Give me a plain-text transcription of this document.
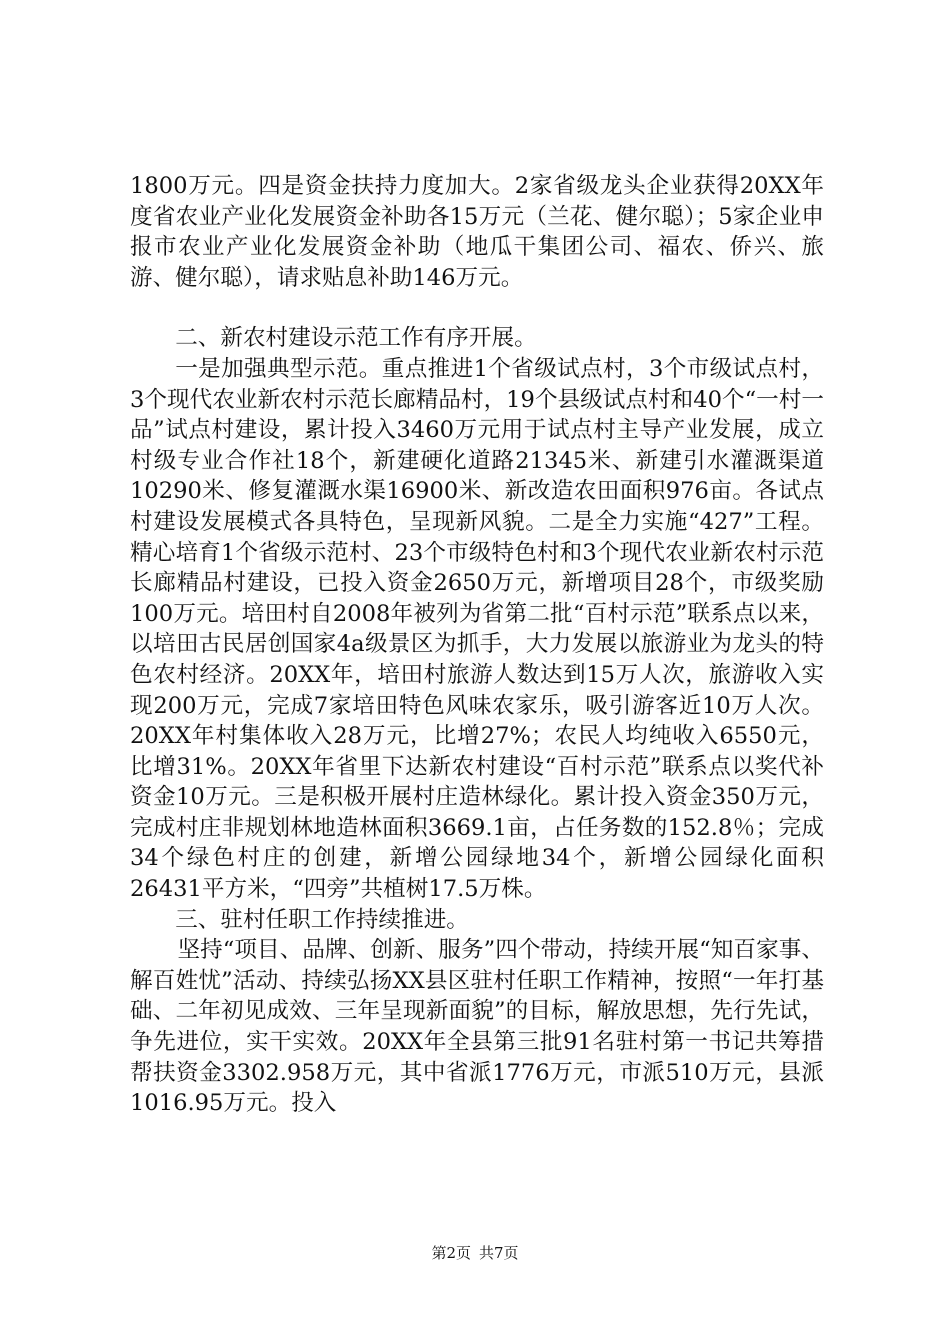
1800万元。四是资金扶持力度加大。2家省级龙头企业获得20XX年度省农业产业化发展资金补助各15万元（兰花、健尔聪）；5家企业申报市农业产业化发展资金补助（地瓜干集团公司、福农、侨兴、旅游、健尔聪），请求贴息补助146万元。

二、新农村建设示范工作有序开展。

一是加强典型示范。重点推进1个省级试点村，3个市级试点村，3个现代农业新农村示范长廊精品村，19个县级试点村和40个“一村一品”试点村建设，累计投入3460万元用于试点村主导产业发展，成立村级专业合作社18个，新建硬化道路21345米、新建引水灌溉渠道10290米、修复灌溉水渠16900米、新改造农田面积976亩。各试点村建设发展模式各具特色，呈现新风貌。二是全力实施“427”工程。精心培育1个省级示范村、23个市级特色村和3个现代农业新农村示范长廊精品村建设，已投入资金2650万元，新增项目28个，市级奖励100万元。培田村自2008年被列为省第二批“百村示范”联系点以来，以培田古民居创国家4a级景区为抓手，大力发展以旅游业为龙头的特色农村经济。20XX年，培田村旅游人数达到15万人次，旅游收入实现200万元，完成7家培田特色风味农家乐，吸引游客近10万人次。20XX年村集体收入28万元，比增27%；农民人均纯收入6550元，比增31%。20XX年省里下达新农村建设“百村示范”联系点以奖代补资金10万元。三是积极开展村庄造林绿化。累计投入资金350万元，完成村庄非规划林地造林面积3669.1亩，占任务数的152.8％；完成34个绿色村庄的创建，新增公园绿地34个，新增公园绿化面积26431平方米，“四旁”共植树17.5万株。

三、驻村任职工作持续推进。

坚持“项目、品牌、创新、服务”四个带动，持续开展“知百家事、解百姓忧”活动、持续弘扬XX县区驻村任职工作精神，按照“一年打基础、二年初见成效、三年呈现新面貌”的目标，解放思想，先行先试，争先进位，实干实效。20XX年全县第三批91名驻村第一书记共筹措帮扶资金3302.958万元，其中省派1776万元，市派510万元，县派1016.95万元。投入

第2页 共7页
